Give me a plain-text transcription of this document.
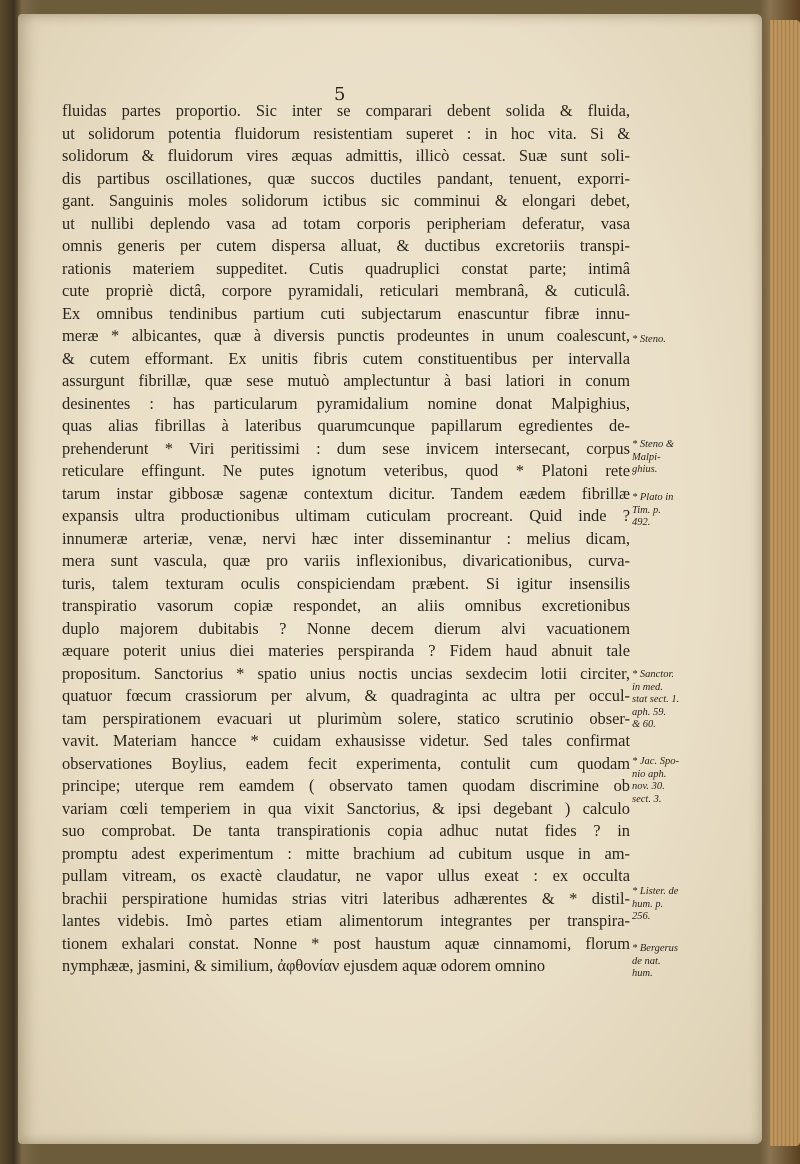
5
fluidas partes proportio. Sic inter se comparari debent solida & fluida,
ut solidorum potentia fluidorum resistentiam superet : in hoc vita. Si &
solidorum & fluidorum vires æquas admittis, illicò cessat. Suæ sunt soli-
dis partibus oscillationes, quæ succos ductiles pandant, tenuent, exporri-
gant. Sanguinis moles solidorum ictibus sic comminui & elongari debet,
ut nullibi deplendo vasa ad totam corporis peripheriam deferatur, vasa
omnis generis per cutem dispersa alluat, & ductibus excretoriis transpi-
rationis materiem suppeditet. Cutis quadruplici constat parte; intimâ
cute propriè dictâ, corpore pyramidali, reticulari membranâ, & cuticulâ.
Ex omnibus tendinibus partium cuti subjectarum enascuntur fibræ innu-
meræ * albicantes, quæ à diversis punctis prodeuntes in unum coalescunt,
& cutem efformant. Ex unitis fibris cutem constituentibus per intervalla
assurgunt fibrillæ, quæ sese mutuò amplectuntur à basi latiori in conum
desinentes : has particularum pyramidalium nomine donat Malpighius,
quas alias fibrillas à lateribus quarumcunque papillarum egredientes de-
prehenderunt * Viri peritissimi : dum sese invicem intersecant, corpus
reticulare effingunt. Ne putes ignotum veteribus, quod * Platoni rete
tarum instar gibbosæ sagenæ contextum dicitur. Tandem eædem fibrillæ
expansis ultra productionibus ultimam cuticulam procreant. Quid inde ?
innumeræ arteriæ, venæ, nervi hæc inter disseminantur : melius dicam,
mera sunt vascula, quæ pro variis inflexionibus, divaricationibus, curva-
turis, talem texturam oculis conspiciendam præbent. Si igitur insensilis
transpiratio vasorum copiæ respondet, an aliis omnibus excretionibus
duplo majorem dubitabis ? Nonne decem dierum alvi vacuationem
æquare poterit unius diei materies perspiranda ? Fidem haud abnuit tale
propositum. Sanctorius * spatio unius noctis uncias sexdecim lotii circiter,
quatuor fœcum crassiorum per alvum, & quadraginta ac ultra per occul-
tam perspirationem evacuari ut plurimùm solere, statico scrutinio obser-
vavit. Materiam hancce * cuidam exhausisse videtur. Sed tales confirmat
observationes Boylius, eadem fecit experimenta, contulit cum quodam
principe; uterque rem eamdem ( observato tamen quodam discrimine ob
variam cœli temperiem in qua vixit Sanctorius, & ipsi degebant ) calculo
suo comprobat. De tanta transpirationis copia adhuc nutat fides ? in
promptu adest experimentum : mitte brachium ad cubitum usque in am-
pullam vitream, os exactè claudatur, ne vapor ullus exeat : ex occulta
brachii perspiratione humidas strias vitri lateribus adhærentes & * distil-
lantes videbis. Imò partes etiam alimentorum integrantes per transpira-
tionem exhalari constat. Nonne * post haustum aquæ cinnamomi, florum
nymphææ, jasmini, & similium, ἀφθονίαν ejusdem aquæ odorem omnino

* Steno.

* Steno &
Malpi-
ghius.

* Plato in
Tim. p.
492.

* Sanctor.
in med.
stat sect. 1.
aph. 59.
& 60.

* Jac. Spo-
nio aph.
nov. 30.
sect. 3.

* Lister. de
hum. p.
256.

* Bergerus
de nat.
hum.
